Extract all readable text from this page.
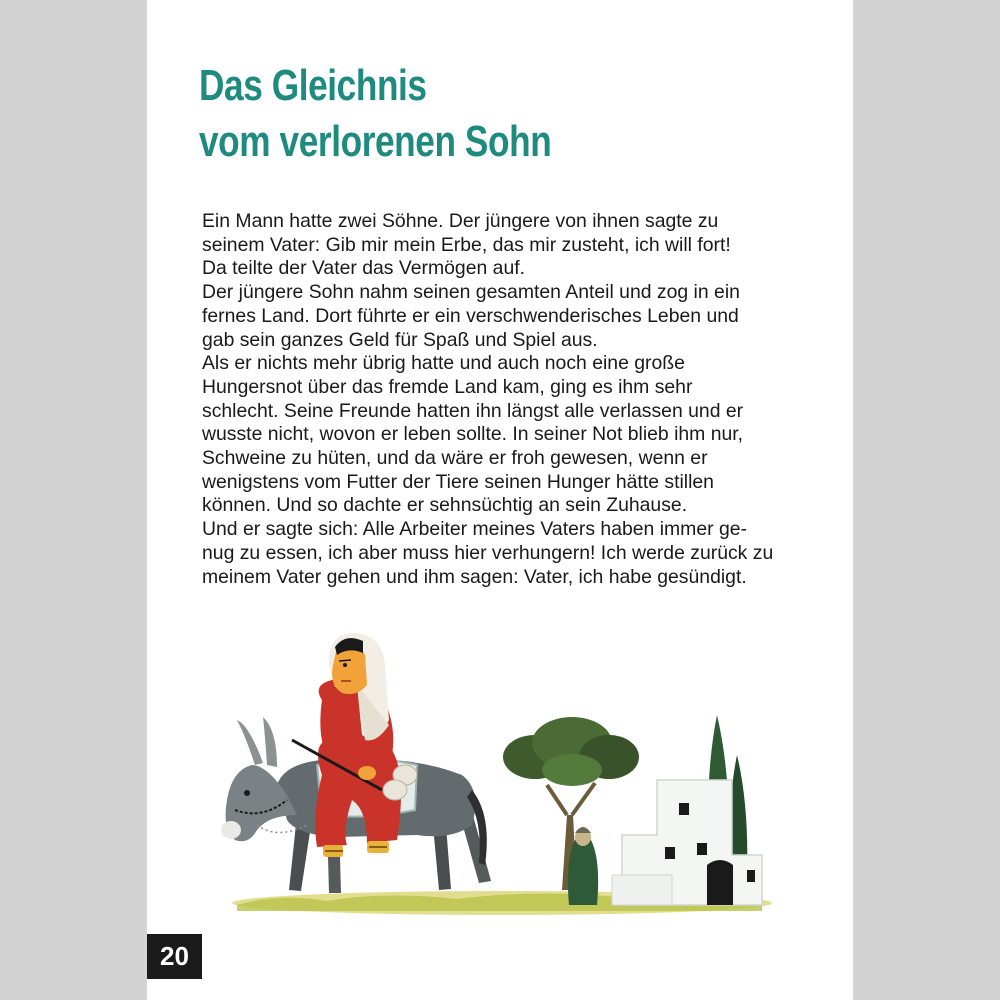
Das Gleichnis
vom verlorenen Sohn

Ein Mann hatte zwei Söhne. Der jüngere von ihnen sagte zu
seinem Vater: Gib mir mein Erbe, das mir zusteht, ich will fort!
Da teilte der Vater das Vermögen auf.
Der jüngere Sohn nahm seinen gesamten Anteil und zog in ein
fernes Land. Dort führte er ein verschwenderisches Leben und
gab sein ganzes Geld für Spaß und Spiel aus.
Als er nichts mehr übrig hatte und auch noch eine große
Hungersnot über das fremde Land kam, ging es ihm sehr
schlecht. Seine Freunde hatten ihn längst alle verlassen und er
wusste nicht, wovon er leben sollte. In seiner Not blieb ihm nur,
Schweine zu hüten, und da wäre er froh gewesen, wenn er
wenigstens vom Futter der Tiere seinen Hunger hätte stillen
können. Und so dachte er sehnsüchtig an sein Zuhause.
Und er sagte sich: Alle Arbeiter meines Vaters haben immer ge-
nug zu essen, ich aber muss hier verhungern! Ich werde zurück zu
meinem Vater gehen und ihm sagen: Vater, ich habe gesündigt.

20
